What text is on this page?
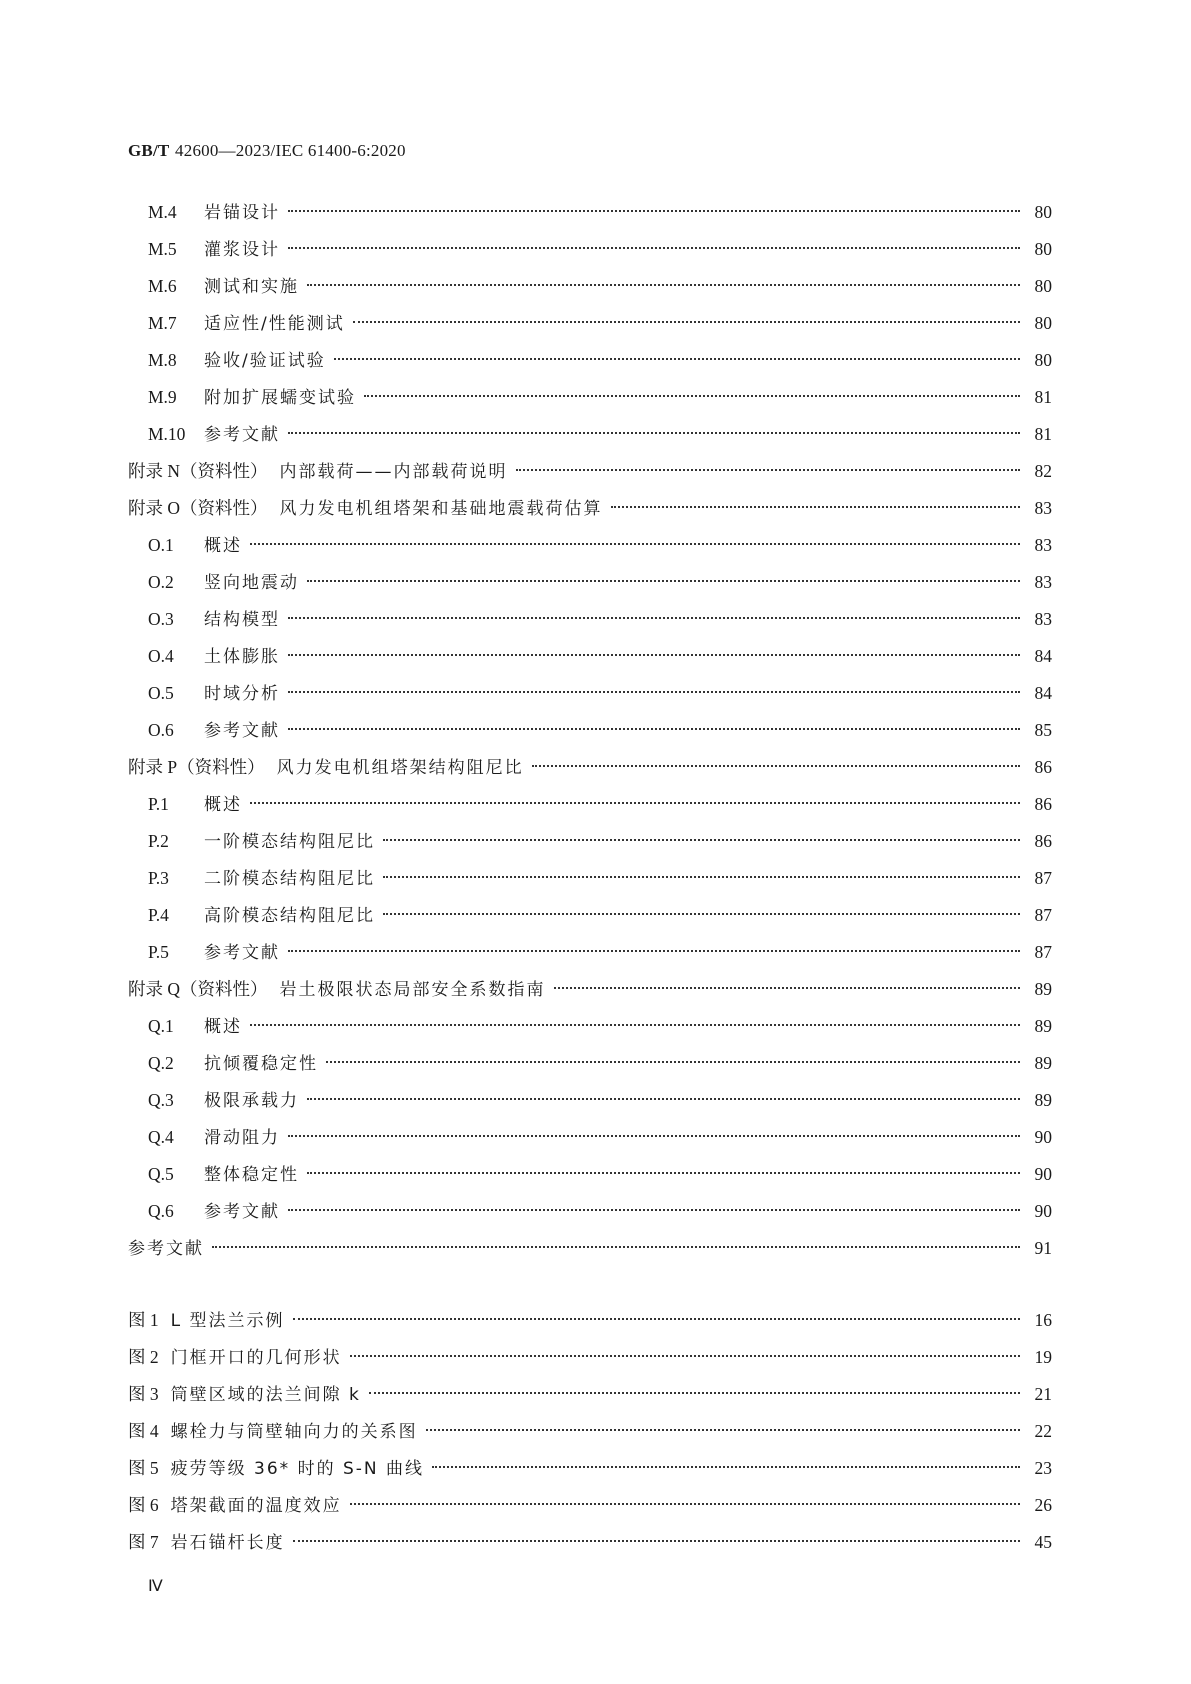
GB/T 42600—2023/IEC 61400-6:2020
M.4	岩锚设计	80
M.5	灌浆设计	80
M.6	测试和实施	80
M.7	适应性/性能测试	80
M.8	验收/验证试验	80
M.9	附加扩展蠕变试验	81
M.10	参考文献	81
附录 N（资料性） 内部载荷——内部载荷说明	82
附录 O（资料性） 风力发电机组塔架和基础地震载荷估算	83
O.1	概述	83
O.2	竖向地震动	83
O.3	结构模型	83
O.4	土体膨胀	84
O.5	时域分析	84
O.6	参考文献	85
附录 P（资料性） 风力发电机组塔架结构阻尼比	86
P.1	概述	86
P.2	一阶模态结构阻尼比	86
P.3	二阶模态结构阻尼比	87
P.4	高阶模态结构阻尼比	87
P.5	参考文献	87
附录 Q（资料性） 岩土极限状态局部安全系数指南	89
Q.1	概述	89
Q.2	抗倾覆稳定性	89
Q.3	极限承载力	89
Q.4	滑动阻力	90
Q.5	整体稳定性	90
Q.6	参考文献	90
参考文献	91
图 1 L 型法兰示例	16
图 2 门框开口的几何形状	19
图 3 筒壁区域的法兰间隙 k	21
图 4 螺栓力与筒壁轴向力的关系图	22
图 5 疲劳等级 36* 时的 S-N 曲线	23
图 6 塔架截面的温度效应	26
图 7 岩石锚杆长度	45
Ⅳ
